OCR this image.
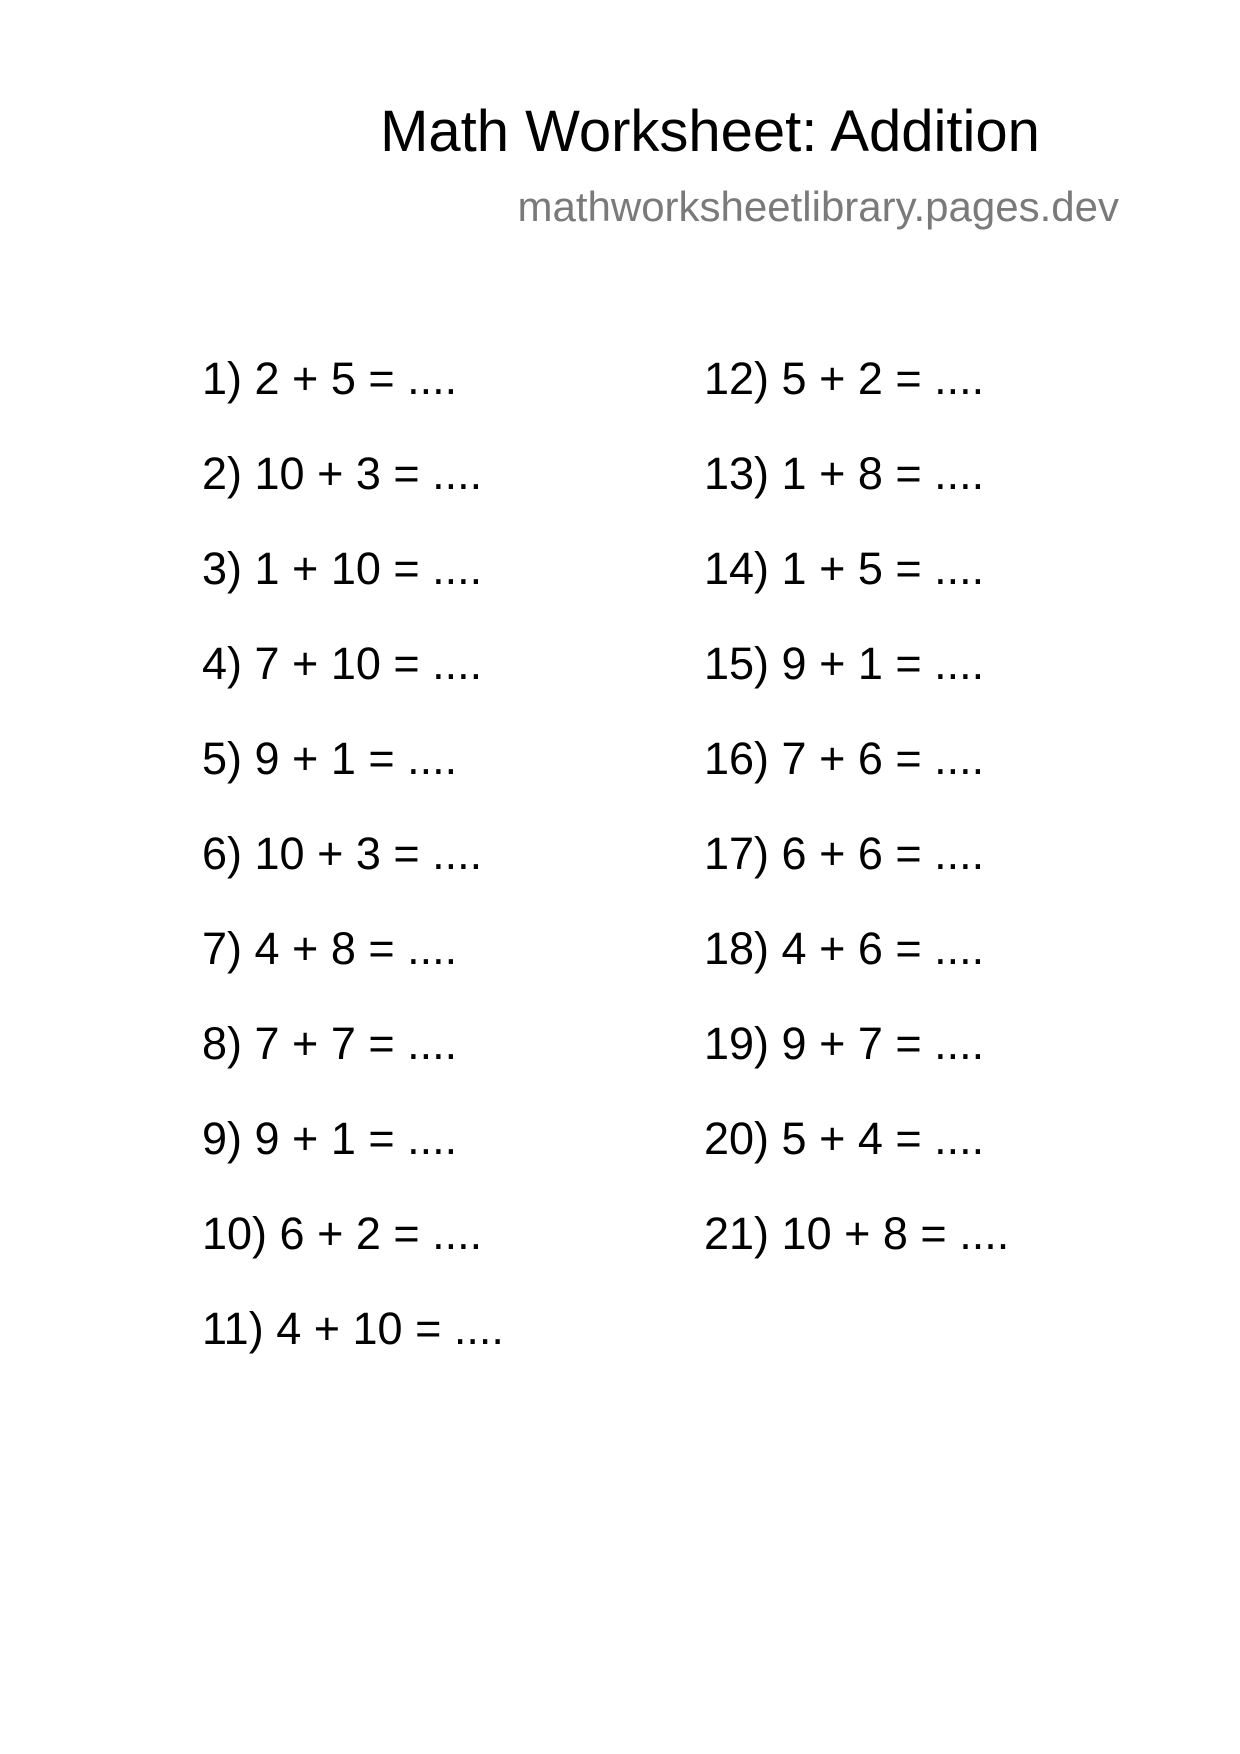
Math Worksheet: Addition
mathworksheetlibrary.pages.dev
1) 2 + 5 = ....
2) 10 + 3 = ....
3) 1 + 10 = ....
4) 7 + 10 = ....
5) 9 + 1 = ....
6) 10 + 3 = ....
7) 4 + 8 = ....
8) 7 + 7 = ....
9) 9 + 1 = ....
10) 6 + 2 = ....
11) 4 + 10 = ....
12) 5 + 2 = ....
13) 1 + 8 = ....
14) 1 + 5 = ....
15) 9 + 1 = ....
16) 7 + 6 = ....
17) 6 + 6 = ....
18) 4 + 6 = ....
19) 9 + 7 = ....
20) 5 + 4 = ....
21) 10 + 8 = ....
